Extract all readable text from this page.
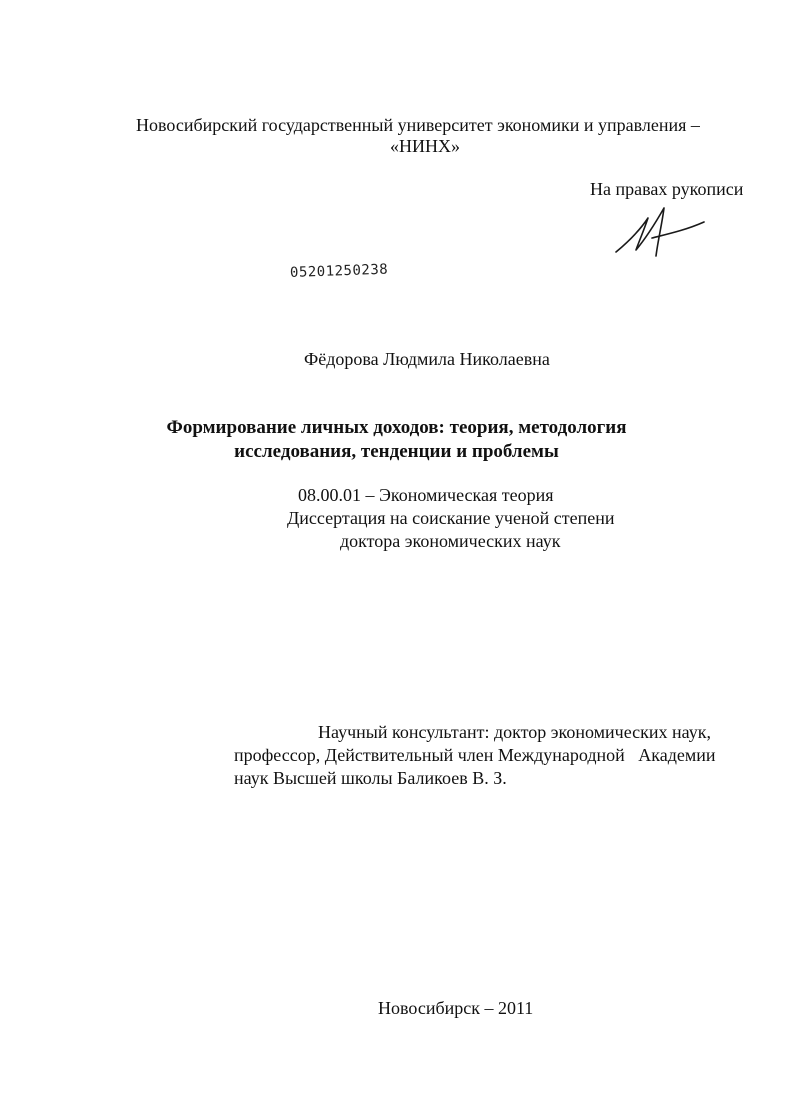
Новосибирский государственный университет экономики и управления –
«НИНХ»
На правах рукописи
05201250238
Фёдорова Людмила Николаевна
Формирование личных доходов: теория, методология
исследования, тенденции и проблемы
08.00.01 – Экономическая теория
Диссертация на соискание ученой степени
доктора экономических наук
Научный консультант: доктор экономических наук,
профессор, Действительный член Международной   Академии
наук Высшей школы Баликоев В. З.
Новосибирск – 2011
